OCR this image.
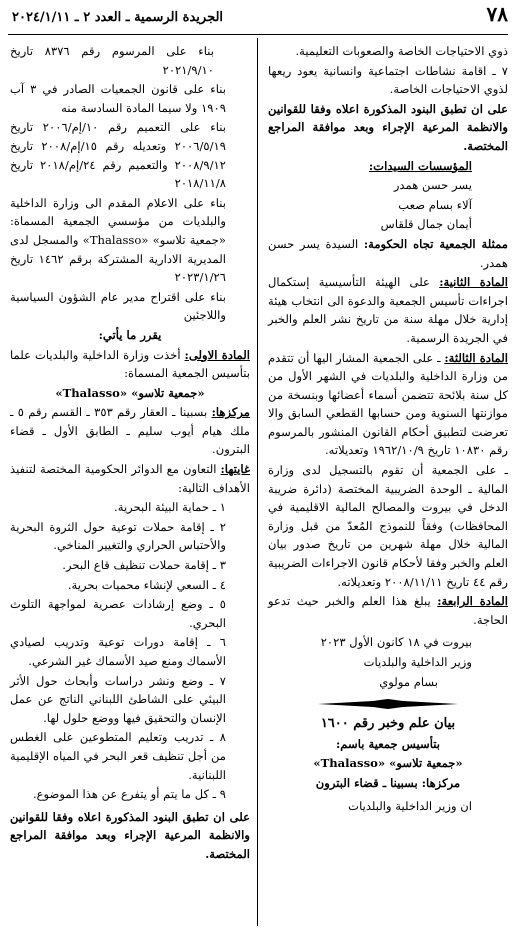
٧٨
الجريدة الرسمية ـ العدد ٢ ـ ٢٠٢٤/١/١١

ذوي الاحتياجات الخاصة والصعوبات التعليمية.

٧ ـ اقامة نشاطات اجتماعية وانسانية يعود ريعها لذوي الاحتياجات الخاصة.

على ان تطبق البنود المذكورة اعلاه وفقا للقوانين والانظمة المرعية الإجراء وبعد موافقة المراجع المختصة.

المؤسسات السيدات:

يسر حسن همدر

آلاء بسام صعب

أيمان جمال قلقاس

ممثلة الجمعية تجاه الحكومة: السيدة يسر حسن همدر.

المادة الثانية: على الهيئة التأسيسية إستكمال اجراءات تأسيس الجمعية والدعوة الى انتخاب هيئة إدارية خلال مهلة سنة من تاريخ نشر العلم والخبر في الجريدة الرسمية.

المادة الثالثة: ـ على الجمعية المشار اليها أن تتقدم من وزارة الداخلية والبلديات في الشهر الأول من كل سنة بلائحة تتضمن أسماء أعضائها وبنسخة من موازنتها السنوية ومن حسابها القطعي السابق والا تعرضت لتطبيق أحكام القانون المنشور بالمرسوم رقم ١٠٨٣٠ تاريخ ١٩٦٢/١٠/٩ وتعديلاته.

ـ على الجمعية أن تقوم بالتسجيل لدى وزارة المالية ـ الوحدة الضريبية المختصة (دائرة ضريبة الدخل في بيروت والمصالح المالية الاقليمية في المحافظات) وفقاً للنموذج المُعدّ من قبل وزارة المالية خلال مهلة شهرين من تاريخ صدور بيان العلم والخبر وفقا لأحكام قانون الاجراءات الضريبية رقم ٤٤ تاريخ ٢٠٠٨/١١/١١ وتعديلاته.

المادة الرابعة: يبلغ هذا العلم والخبر حيث تدعو الحاجة.

بيروت في ١٨ كانون الأول ٢٠٢٣

وزير الداخلية والبلديات

بسام مولوي

بيان علم وخبر رقم ١٦٠٠

بتأسيس جمعية باسم:

«جمعية تلاسو» «Thalasso»

مركزها: بسبينا ـ قضاء البترون

ان وزير الداخلية والبلديات

بناء على المرسوم رقم ٨٣٧٦ تاريخ ٢٠٢١/٩/١٠

بناء على قانون الجمعيات الصادر في ٣ آب ١٩٠٩ ولا سيما المادة السادسة منه

بناء على التعميم رقم ١٠/إم/٢٠٠٦ تاريخ ٢٠٠٦/٥/١٩ وتعديله رقم ١٥/إم/٢٠٠٨ تاريخ ٢٠٠٨/٩/١٢ والتعميم رقم ٢٤/إم/٢٠١٨ تاريخ ٢٠١٨/١١/٨

بناء على الاعلام المقدم الى وزارة الداخلية والبلديات من مؤسسي الجمعية المسماة: «جمعية تلاسو» «Thalasso» والمسجل لدى المديرية الادارية المشتركة برقم ١٤٦٢ تاريخ ٢٠٢٣/١/٢٦

بناء على اقتراح مدير عام الشؤون السياسية واللاجئين

يقرر ما يأتي:

المادة الاولى: أخذت وزارة الداخلية والبلديات علما بتأسيس الجمعية المسماة:

«جمعية تلاسو» «Thalasso»

مركزها: بسبينا ـ العقار رقم ٣٥٣ ـ القسم رقم ٥ ـ ملك هيام أيوب سليم ـ الطابق الأول ـ قضاء البترون.

غايتها: التعاون مع الدوائر الحكومية المختصة لتنفيذ الأهداف التالية:

١ ـ حماية البيئة البحرية.

٢ ـ إقامة حملات توعية حول الثروة البحرية والأحتباس الحراري والتغيير المناخي.

٣ ـ إقامة حملات تنظيف قاع البحر.

٤ ـ السعي لإنشاء محميات بحرية.

٥ ـ وضع إرشادات عصرية لمواجهة التلوث البحري.

٦ ـ إقامة دورات توعية وتدريب لصيادي الأسماك ومنع صيد الأسماك غير الشرعي.

٧ ـ وضع ونشر دراسات وأبحاث حول الأثر البيئي على الشاطئ اللبناني الناتج عن عمل الإنسان والتحقيق فيها ووضع حلول لها.

٨ ـ تدريب وتعليم المتطوعين على الغطس من أجل تنظيف قعر البحر في المياه الإقليمية اللبنانية.

٩ ـ كل ما يتم أو يتفرع عن هذا الموضوع.

على ان تطبق البنود المذكورة اعلاه وفقا للقوانين والانظمة المرعية الإجراء وبعد موافقة المراجع المختصة.
